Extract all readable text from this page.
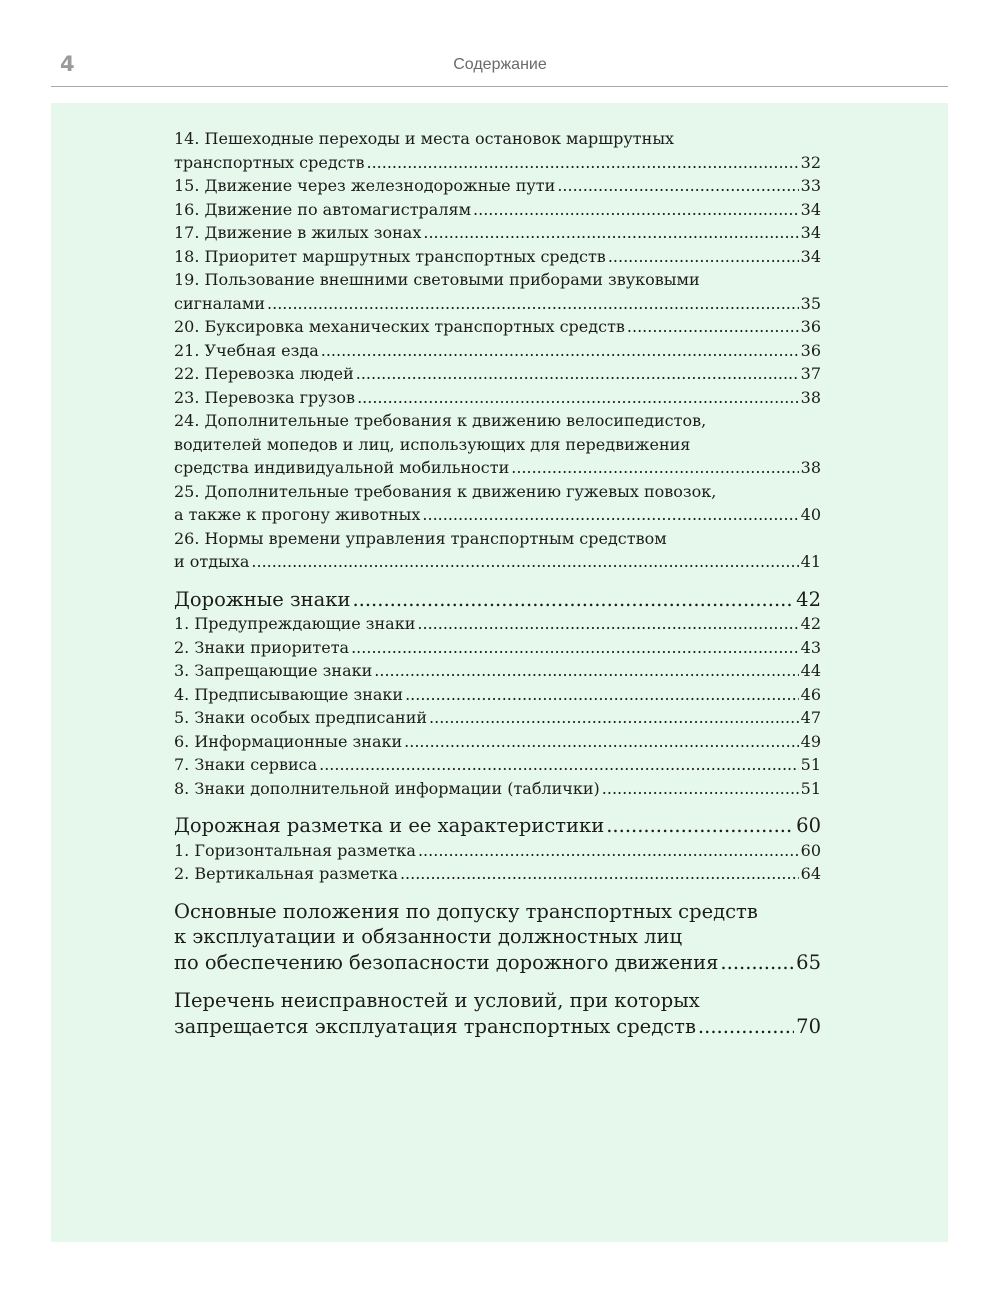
4	Содержание
14. Пешеходные переходы и места остановок маршрутных
транспортных средств .....	32
15. Движение через железнодорожные пути .....	33
16. Движение по автомагистралям .....	34
17. Движение в жилых зонах .....	34
18. Приоритет маршрутных транспортных средств .....	34
19. Пользование внешними световыми приборами звуковыми
сигналами .....	35
20. Буксировка механических транспортных средств .....	36
21. Учебная езда .....	36
22. Перевозка людей .....	37
23. Перевозка грузов .....	38
24. Дополнительные требования к движению велосипедистов,
водителей мопедов и лиц, использующих для передвижения
средства индивидуальной мобильности .....	38
25. Дополнительные требования к движению гужевых повозок,
а также к прогону животных .....	40
26. Нормы времени управления транспортным средством
и отдыха .....	41
Дорожные знаки .....	42
1. Предупреждающие знаки .....	42
2. Знаки приоритета .....	43
3. Запрещающие знаки .....	44
4. Предписывающие знаки .....	46
5. Знаки особых предписаний .....	47
6. Информационные знаки .....	49
7. Знаки сервиса .....	51
8. Знаки дополнительной информации (таблички) .....	51
Дорожная разметка и ее характеристики .....	60
1. Горизонтальная разметка .....	60
2. Вертикальная разметка .....	64
Основные положения по допуску транспортных средств
к эксплуатации и обязанности должностных лиц
по обеспечению безопасности дорожного движения .....	65
Перечень неисправностей и условий, при которых
запрещается эксплуатация транспортных средств .....	70
